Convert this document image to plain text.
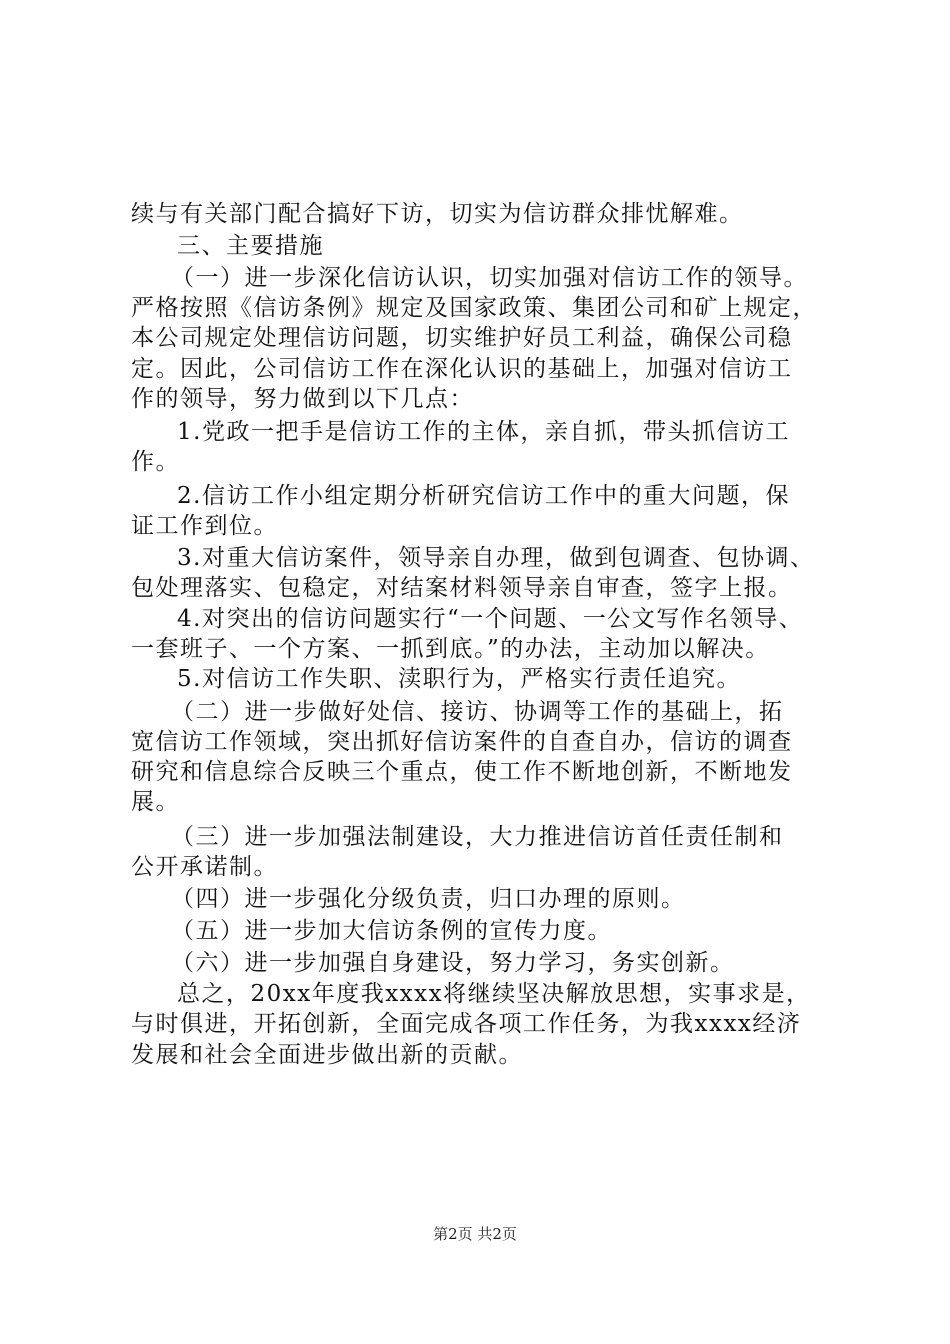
续与有关部门配合搞好下访，切实为信访群众排忧解难。

三、主要措施

（一）进一步深化信访认识，切实加强对信访工作的领导。

严格按照《信访条例》规定及国家政策、集团公司和矿上规定，

本公司规定处理信访问题，切实维护好员工利益，确保公司稳

定。因此，公司信访工作在深化认识的基础上，加强对信访工

作的领导，努力做到以下几点：

1.党政一把手是信访工作的主体，亲自抓，带头抓信访工

作。

2.信访工作小组定期分析研究信访工作中的重大问题，保

证工作到位。

3.对重大信访案件，领导亲自办理，做到包调查、包协调、

包处理落实、包稳定，对结案材料领导亲自审查，签字上报。

4.对突出的信访问题实行“一个问题、一公文写作名领导、

一套班子、一个方案、一抓到底。”的办法，主动加以解决。

5.对信访工作失职、渎职行为，严格实行责任追究。

（二）进一步做好处信、接访、协调等工作的基础上，拓

宽信访工作领域，突出抓好信访案件的自查自办，信访的调查

研究和信息综合反映三个重点，使工作不断地创新，不断地发

展。

（三）进一步加强法制建设，大力推进信访首任责任制和

公开承诺制。

（四）进一步强化分级负责，归口办理的原则。

（五）进一步加大信访条例的宣传力度。

（六）进一步加强自身建设，努力学习，务实创新。

总之，20xx年度我xxxx将继续坚决解放思想，实事求是，

与时俱进，开拓创新，全面完成各项工作任务，为我xxxx经济

发展和社会全面进步做出新的贡献。

第2页 共2页
